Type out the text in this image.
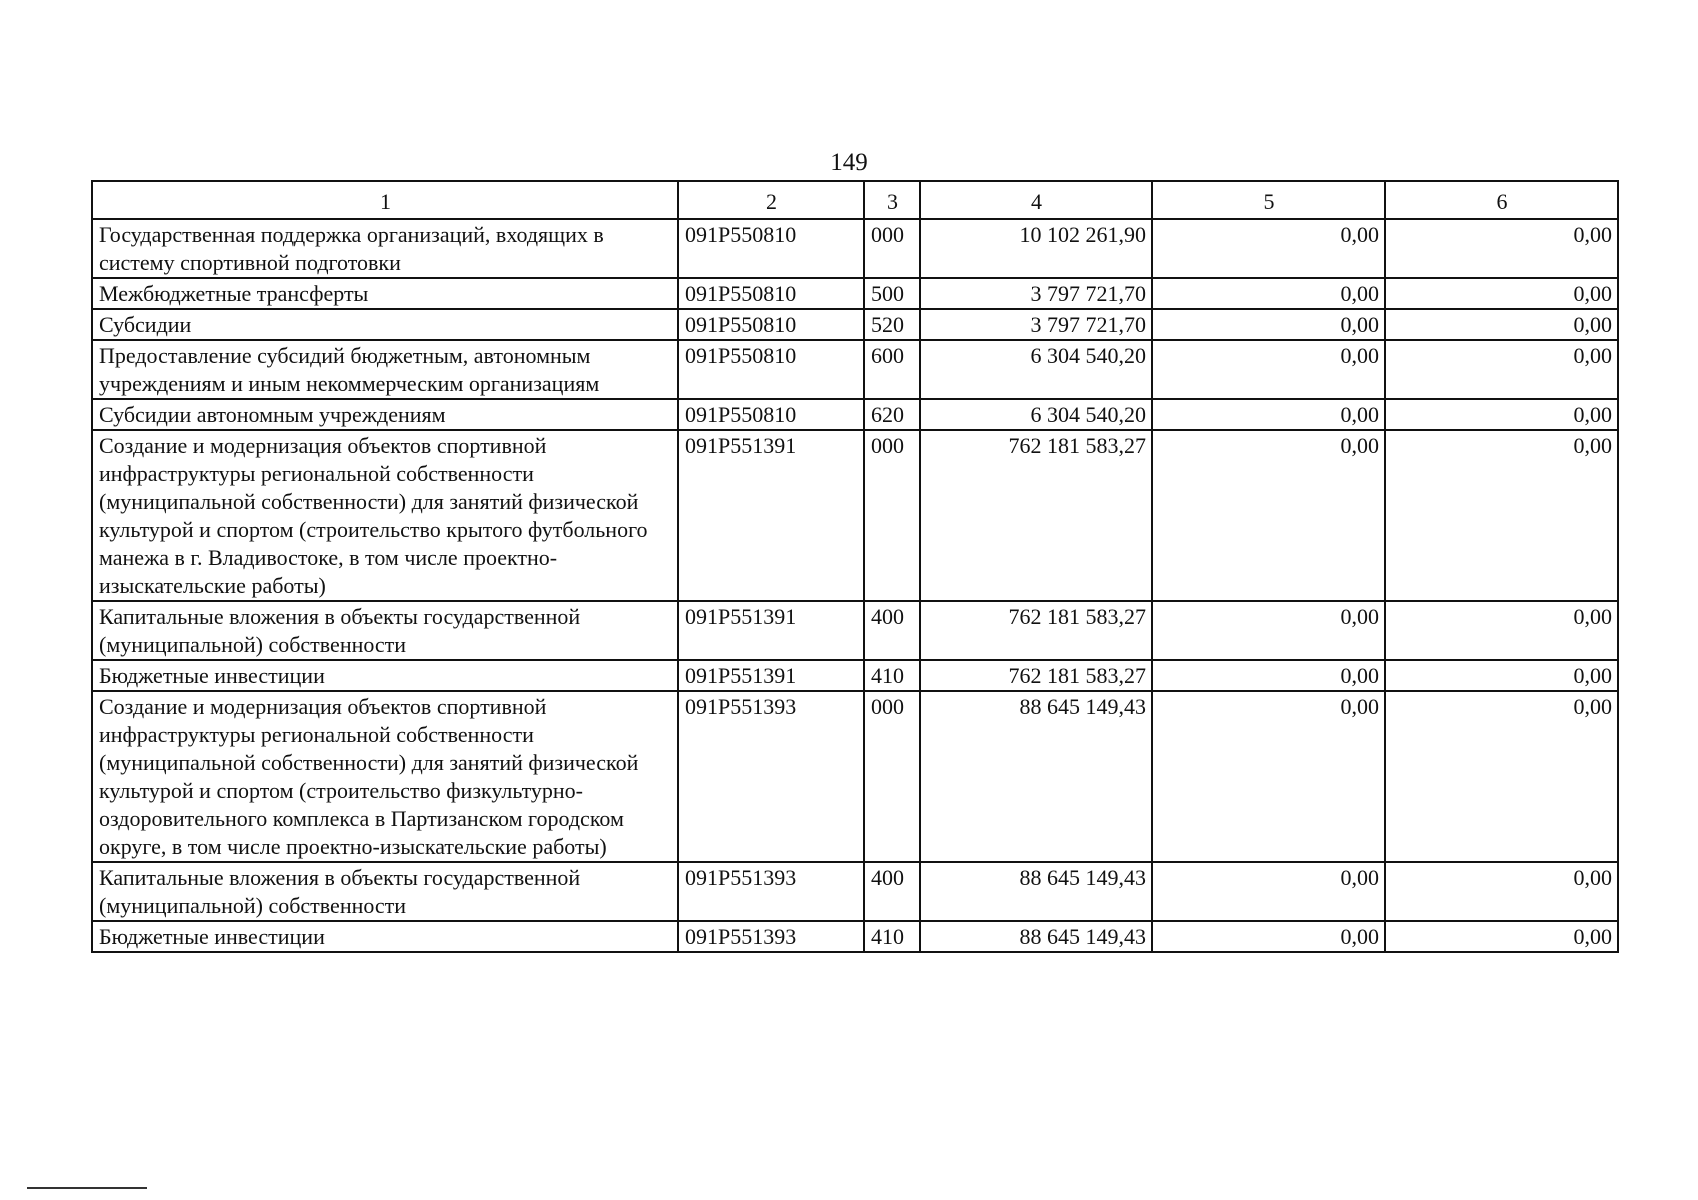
149
1	2	3	4	5	6
Государственная поддержка организаций, входящих в систему спортивной подготовки	091P550810	000	10 102 261,90	0,00	0,00
Межбюджетные трансферты	091P550810	500	3 797 721,70	0,00	0,00
Субсидии	091P550810	520	3 797 721,70	0,00	0,00
Предоставление субсидий бюджетным, автономным учреждениям и иным некоммерческим организациям	091P550810	600	6 304 540,20	0,00	0,00
Субсидии автономным учреждениям	091P550810	620	6 304 540,20	0,00	0,00
Создание и модернизация объектов спортивной инфраструктуры региональной собственности (муниципальной собственности) для занятий физической культурой и спортом (строительство крытого футбольного манежа в г. Владивостоке, в том числе проектно-изыскательские работы)	091P551391	000	762 181 583,27	0,00	0,00
Капитальные вложения в объекты государственной (муниципальной) собственности	091P551391	400	762 181 583,27	0,00	0,00
Бюджетные инвестиции	091P551391	410	762 181 583,27	0,00	0,00
Создание и модернизация объектов спортивной инфраструктуры региональной собственности (муниципальной собственности) для занятий физической культурой и спортом (строительство физкультурно-оздоровительного комплекса в Партизанском городском округе, в том числе проектно-изыскательские работы)	091P551393	000	88 645 149,43	0,00	0,00
Капитальные вложения в объекты государственной (муниципальной) собственности	091P551393	400	88 645 149,43	0,00	0,00
Бюджетные инвестиции	091P551393	410	88 645 149,43	0,00	0,00
